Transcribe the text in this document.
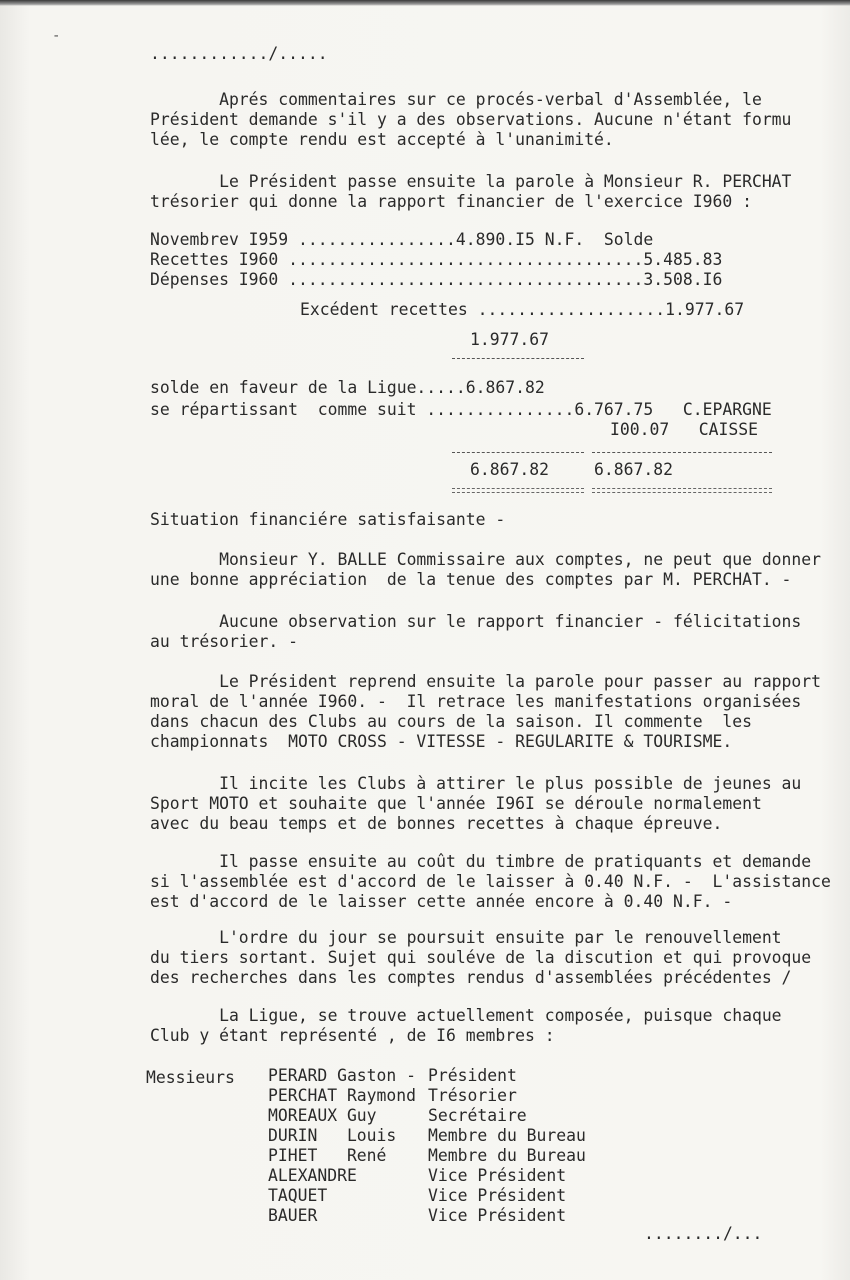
‐

............/.....

Aprés commentaires sur ce procés-verbal d'Assemblée, le

Président demande s'il y a des observations. Aucune n'étant formu

lée, le compte rendu est accepté à l'unanimité.

Le Président passe ensuite la parole à Monsieur R. PERCHAT

trésorier qui donne la rapport financier de l'exercice I960 :

Novembrev I959 ................4.890.I5 N.F.  Solde

Recettes I960 ....................................5.485.83

Dépenses I960 ....................................3.508.I6

Excédent recettes ...................1.977.67

1.977.67

solde en faveur de la Ligue.....6.867.82

se répartissant  comme suit ...............6.767.75   C.EPARGNE

I00.07   CAISSE

6.867.82	6.867.82

Situation financiére satisfaisante -

Monsieur Y. BALLE Commissaire aux comptes, ne peut que donner

une bonne appréciation  de la tenue des comptes par M. PERCHAT. -

Aucune observation sur le rapport financier - félicitations

au trésorier. -

Le Président reprend ensuite la parole pour passer au rapport

moral de l'année I960. -  Il retrace les manifestations organisées

dans chacun des Clubs au cours de la saison. Il commente  les

championnats  MOTO CROSS - VITESSE - REGULARITE & TOURISME.

Il incite les Clubs à attirer le plus possible de jeunes au

Sport MOTO et souhaite que l'année I96I se déroule normalement

avec du beau temps et de bonnes recettes à chaque épreuve.

Il passe ensuite au coût du timbre de pratiquants et demande

si l'assemblée est d'accord de le laisser à 0.40 N.F. -  L'assistance

est d'accord de le laisser cette année encore à 0.40 N.F. -

L'ordre du jour se poursuit ensuite par le renouvellement

du tiers sortant. Sujet qui souléve de la discution et qui provoque

des recherches dans les comptes rendus d'assemblées précédentes /

La Ligue, se trouve actuellement composée, puisque chaque

Club y étant représenté , de I6 membres :

Messieurs PERARD Gaston - Président

PERCHAT Raymond Trésorier

MOREAUX Guy	Secrétaire

DURIN   Louis Membre du Bureau

PIHET   René	Membre du Bureau

ALEXANDRE	Vice Président

TAQUET	Vice Président

BAUER	Vice Président

......../...
